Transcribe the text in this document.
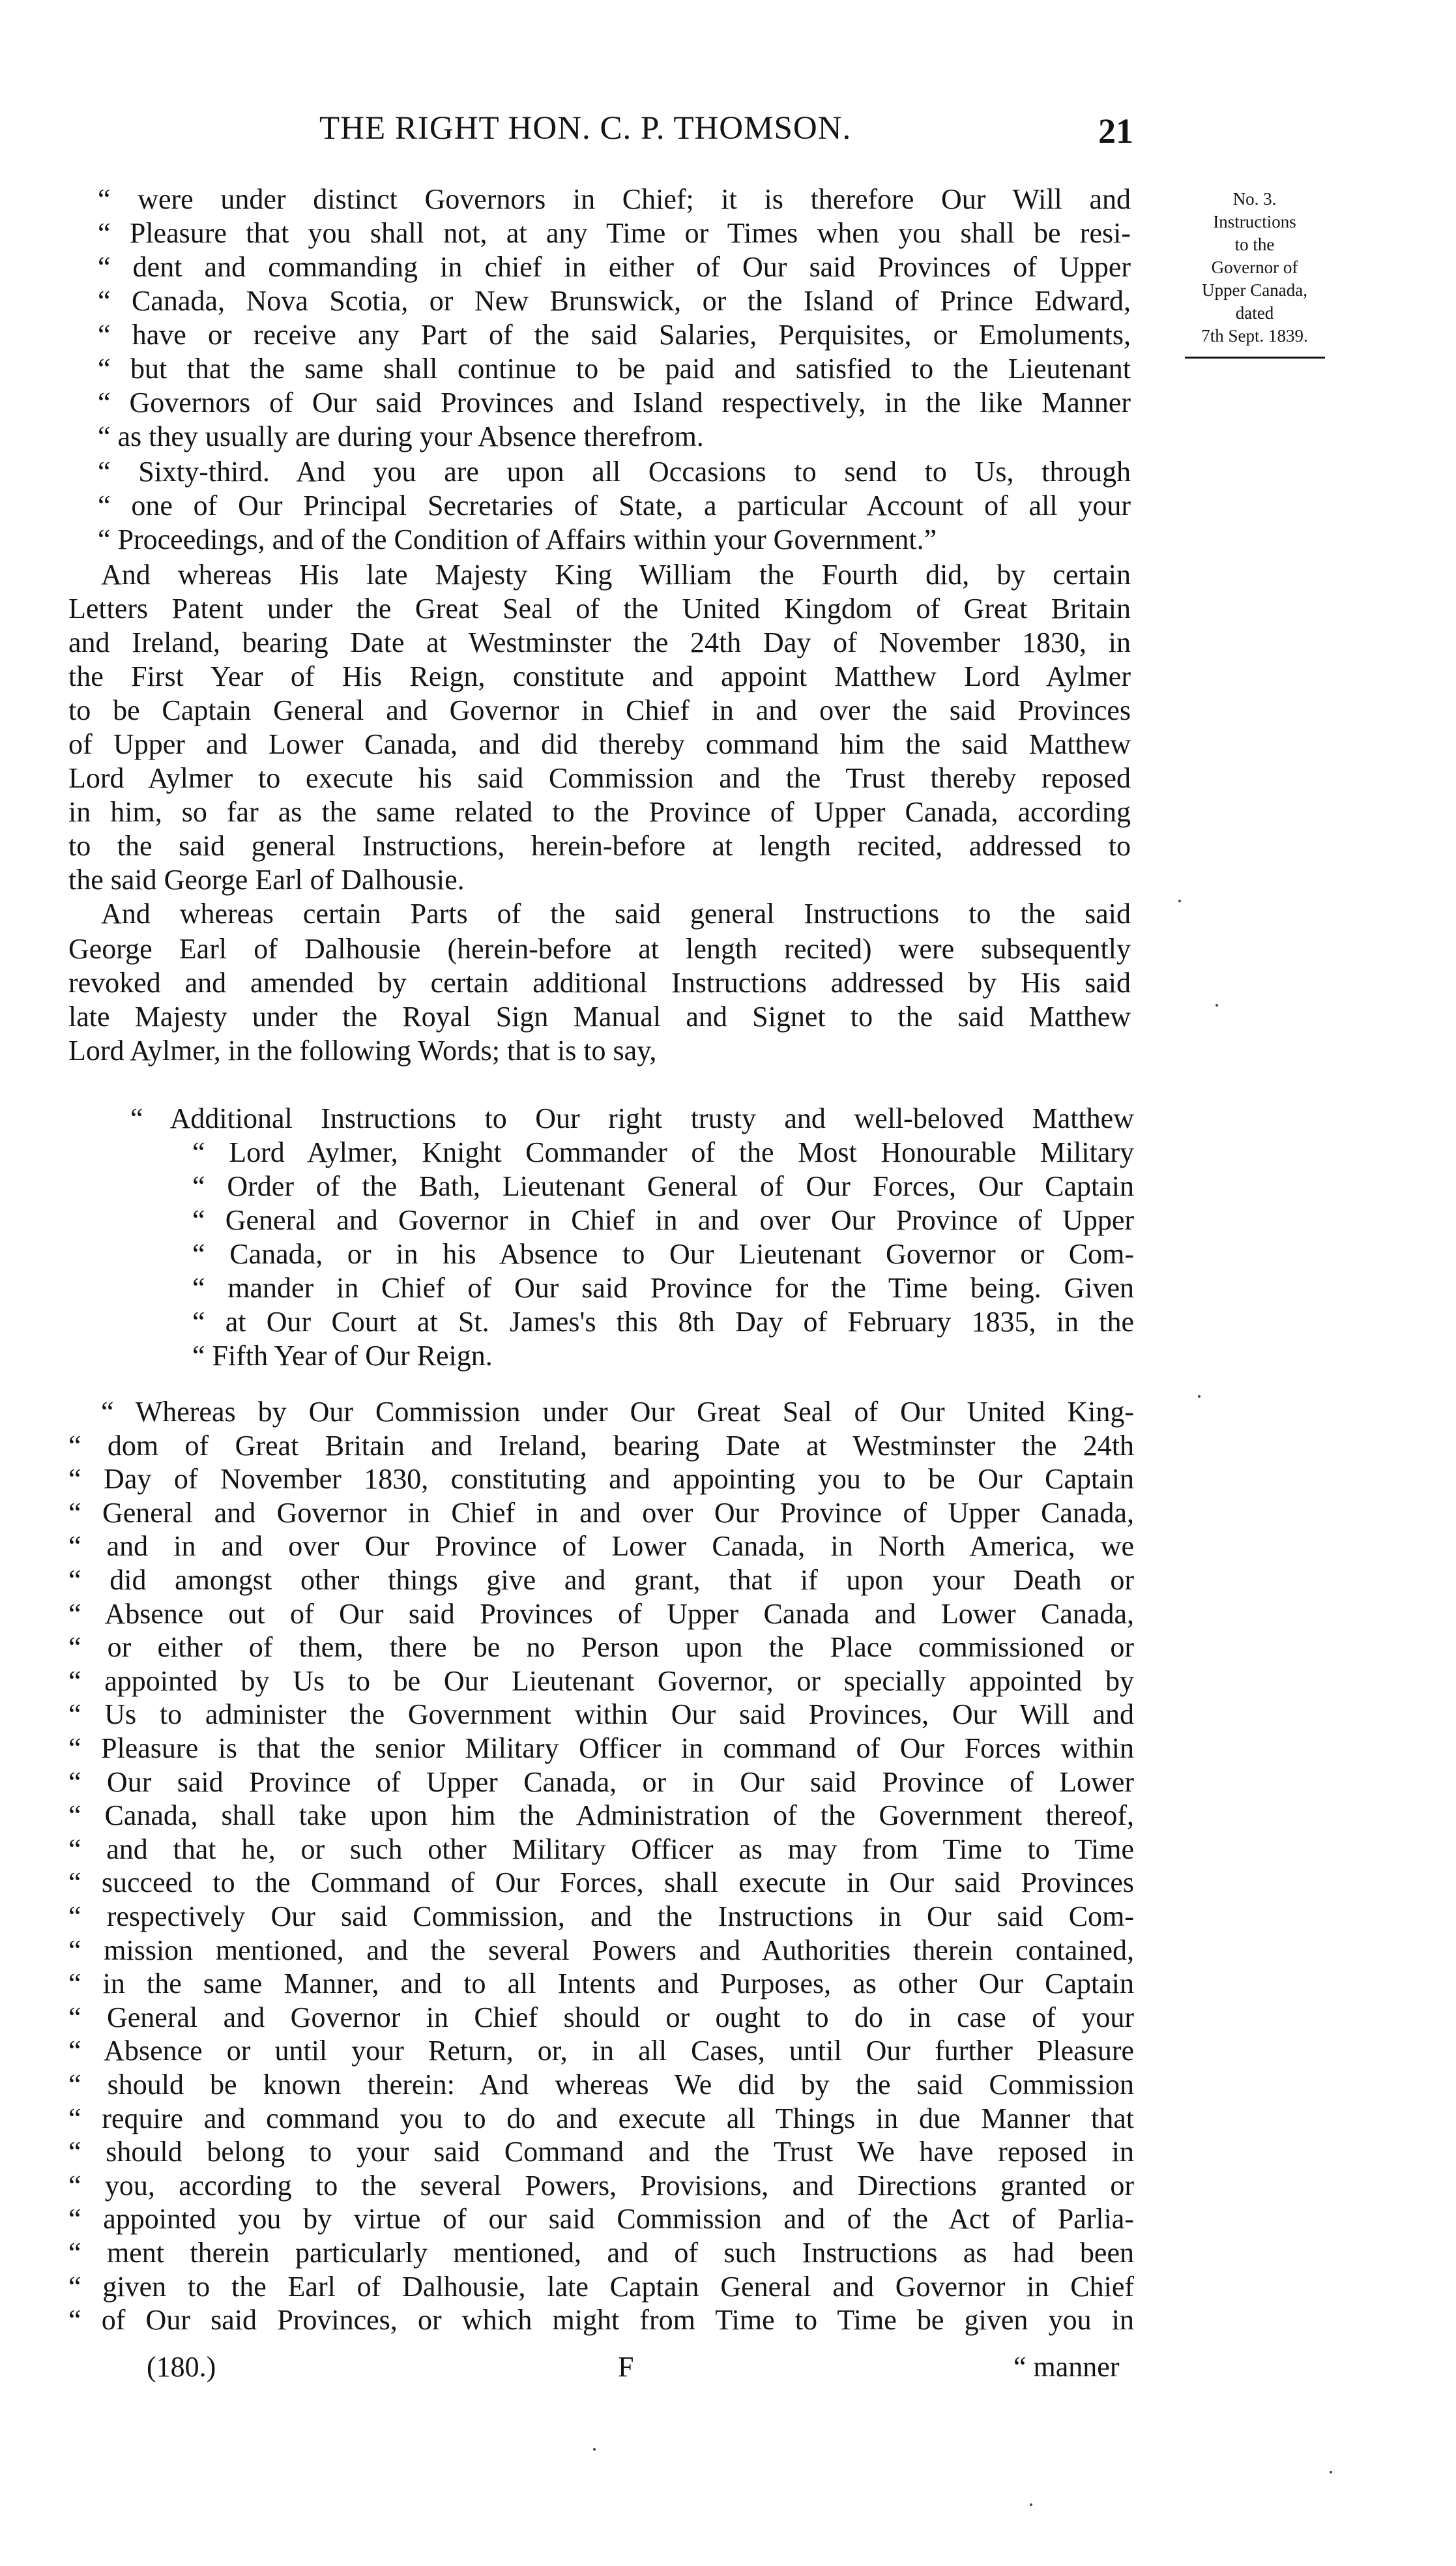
THE RIGHT HON. C. P. THOMSON.	21
No. 3.
Instructions
to the
Governor of
Upper Canada,
dated
7th Sept. 1839.
“ were under distinct Governors in Chief; it is therefore Our Will and
“ Pleasure that you shall not, at any Time or Times when you shall be resi-
“ dent and commanding in chief in either of Our said Provinces of Upper
“ Canada, Nova Scotia, or New Brunswick, or the Island of Prince Edward,
“ have or receive any Part of the said Salaries, Perquisites, or Emoluments,
“ but that the same shall continue to be paid and satisfied to the Lieutenant
“ Governors of Our said Provinces and Island respectively, in the like Manner
“ as they usually are during your Absence therefrom.
“ Sixty-third. And you are upon all Occasions to send to Us, through
“ one of Our Principal Secretaries of State, a particular Account of all your
“ Proceedings, and of the Condition of Affairs within your Government.”
And whereas His late Majesty King William the Fourth did, by certain
Letters Patent under the Great Seal of the United Kingdom of Great Britain
and Ireland, bearing Date at Westminster the 24th Day of November 1830, in
the First Year of His Reign, constitute and appoint Matthew Lord Aylmer
to be Captain General and Governor in Chief in and over the said Provinces
of Upper and Lower Canada, and did thereby command him the said Matthew
Lord Aylmer to execute his said Commission and the Trust thereby reposed
in him, so far as the same related to the Province of Upper Canada, according
to the said general Instructions, herein-before at length recited, addressed to
the said George Earl of Dalhousie.
And whereas certain Parts of the said general Instructions to the said
George Earl of Dalhousie (herein-before at length recited) were subsequently
revoked and amended by certain additional Instructions addressed by His said
late Majesty under the Royal Sign Manual and Signet to the said Matthew
Lord Aylmer, in the following Words; that is to say,
“ Additional Instructions to Our right trusty and well-beloved Matthew
“ Lord Aylmer, Knight Commander of the Most Honourable Military
“ Order of the Bath, Lieutenant General of Our Forces, Our Captain
“ General and Governor in Chief in and over Our Province of Upper
“ Canada, or in his Absence to Our Lieutenant Governor or Com-
“ mander in Chief of Our said Province for the Time being. Given
“ at Our Court at St. James's this 8th Day of February 1835, in the
“ Fifth Year of Our Reign.
“ Whereas by Our Commission under Our Great Seal of Our United King-
“ dom of Great Britain and Ireland, bearing Date at Westminster the 24th
“ Day of November 1830, constituting and appointing you to be Our Captain
“ General and Governor in Chief in and over Our Province of Upper Canada,
“ and in and over Our Province of Lower Canada, in North America, we
“ did amongst other things give and grant, that if upon your Death or
“ Absence out of Our said Provinces of Upper Canada and Lower Canada,
“ or either of them, there be no Person upon the Place commissioned or
“ appointed by Us to be Our Lieutenant Governor, or specially appointed by
“ Us to administer the Government within Our said Provinces, Our Will and
“ Pleasure is that the senior Military Officer in command of Our Forces within
“ Our said Province of Upper Canada, or in Our said Province of Lower
“ Canada, shall take upon him the Administration of the Government thereof,
“ and that he, or such other Military Officer as may from Time to Time
“ succeed to the Command of Our Forces, shall execute in Our said Provinces
“ respectively Our said Commission, and the Instructions in Our said Com-
“ mission mentioned, and the several Powers and Authorities therein contained,
“ in the same Manner, and to all Intents and Purposes, as other Our Captain
“ General and Governor in Chief should or ought to do in case of your
“ Absence or until your Return, or, in all Cases, until Our further Pleasure
“ should be known therein: And whereas We did by the said Commission
“ require and command you to do and execute all Things in due Manner that
“ should belong to your said Command and the Trust We have reposed in
“ you, according to the several Powers, Provisions, and Directions granted or
“ appointed you by virtue of our said Commission and of the Act of Parlia-
“ ment therein particularly mentioned, and of such Instructions as had been
“ given to the Earl of Dalhousie, late Captain General and Governor in Chief
“ of Our said Provinces, or which might from Time to Time be given you in
(180.)	F	“ manner
